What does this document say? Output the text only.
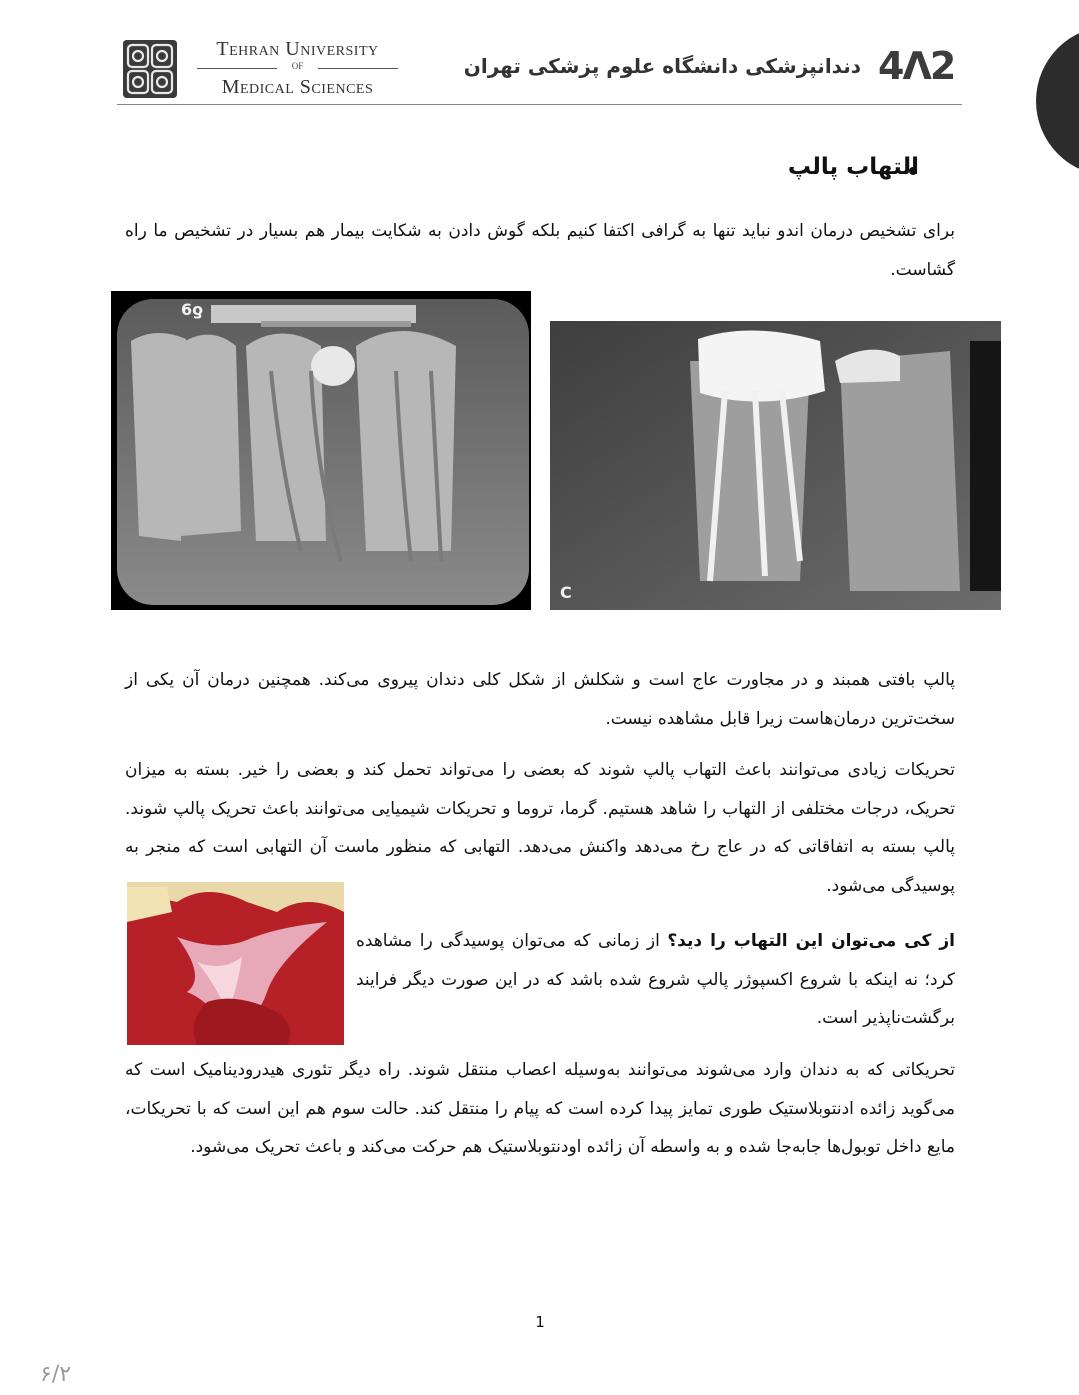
Tehran University
OF
Medical Sciences
دندانپزشکی دانشگاه علوم پزشکی تهران 4ⴷ2
التهاب پالپ
برای تشخیص درمان اندو نباید تنها به گرافی اکتفا کنیم بلکه گوش دادن به شکایت بیمار هم بسیار در تشخیص ما راه گشاست.
6ƍ
C
پالپ بافتی همبند و در مجاورت عاج است و شکلش از شکل کلی دندان پیروی می‌کند. همچنین درمان آن یکی از سخت‌ترین درمان‌هاست زیرا قابل مشاهده نیست.
تحریکات زیادی می‌توانند باعث التهاب پالپ شوند که بعضی را می‌تواند تحمل کند و بعضی را خیر. بسته به میزان تحریک، درجات مختلفی از التهاب را شاهد هستیم. گرما، تروما و تحریکات شیمیایی می‌توانند باعث تحریک پالپ شوند. پالپ بسته به اتفاقاتی که در عاج رخ می‌دهد واکنش می‌دهد. التهابی که منظور ماست آن التهابی است که منجر به پوسیدگی می‌شود.
از کی می‌توان این التهاب را دید؟ از زمانی که می‌توان پوسیدگی را مشاهده کرد؛ نه اینکه با شروع اکسپوژر پالپ شروع شده باشد که در این صورت دیگر فرایند برگشت‌ناپذیر است.
تحریکاتی که به دندان وارد می‌شوند می‌توانند به‌وسیله اعصاب منتقل شوند. راه دیگر تئوری هیدرودینامیک است که می‌گوید زائده ادنتوبلاستیک طوری تمایز پیدا کرده است که پیام را منتقل کند. حالت سوم هم این است که با تحریکات، مایع داخل توبول‌ها جابه‌جا شده و به واسطه آن زائده اودنتوبلاستیک هم حرکت می‌کند و باعث تحریک می‌شود.
1
۶/۲
